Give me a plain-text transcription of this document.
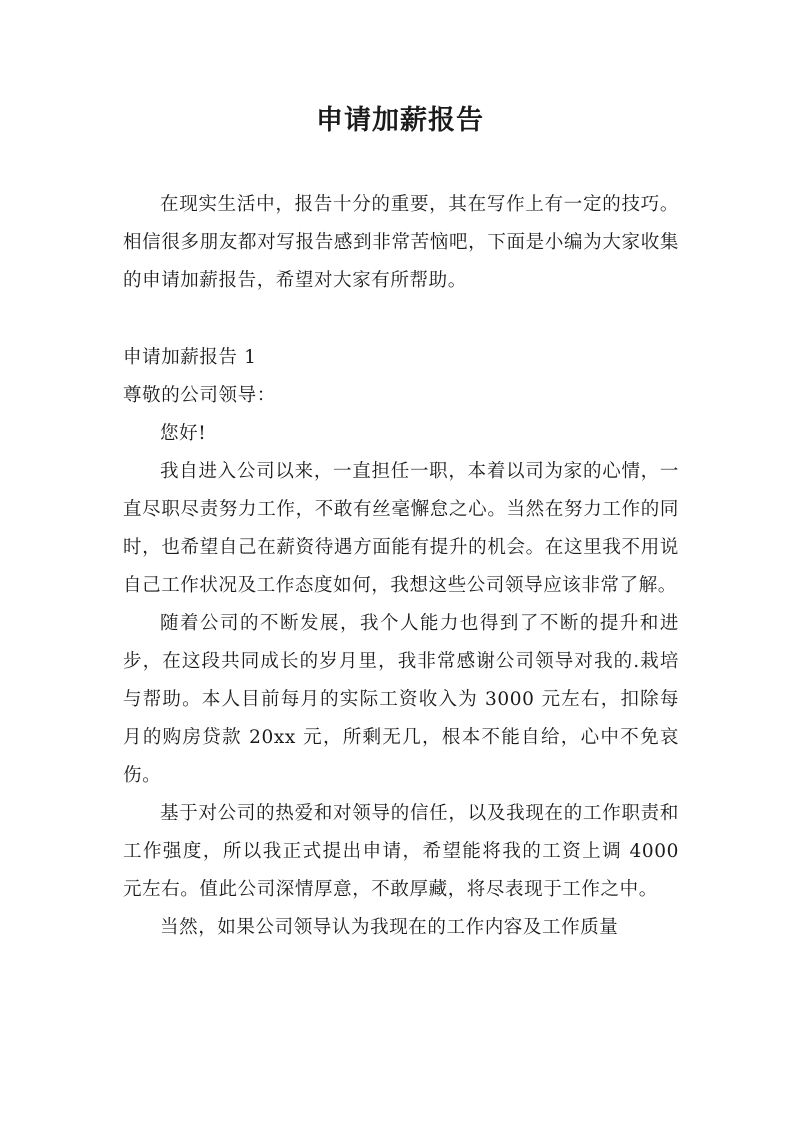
申请加薪报告

在现实生活中，报告十分的重要，其在写作上有一定的技巧。相信很多朋友都对写报告感到非常苦恼吧，下面是小编为大家收集的申请加薪报告，希望对大家有所帮助。

申请加薪报告 1

尊敬的公司领导：

您好!

我自进入公司以来，一直担任一职，本着以司为家的心情，一直尽职尽责努力工作，不敢有丝毫懈怠之心。当然在努力工作的同时，也希望自己在薪资待遇方面能有提升的机会。在这里我不用说自己工作状况及工作态度如何，我想这些公司领导应该非常了解。

随着公司的不断发展，我个人能力也得到了不断的提升和进步，在这段共同成长的岁月里，我非常感谢公司领导对我的.栽培与帮助。本人目前每月的实际工资收入为 3000 元左右，扣除每月的购房贷款 20xx 元，所剩无几，根本不能自给，心中不免哀伤。

基于对公司的热爱和对领导的信任，以及我现在的工作职责和工作强度，所以我正式提出申请，希望能将我的工资上调 4000 元左右。值此公司深情厚意，不敢厚藏，将尽表现于工作之中。

当然，如果公司领导认为我现在的工作内容及工作质量
